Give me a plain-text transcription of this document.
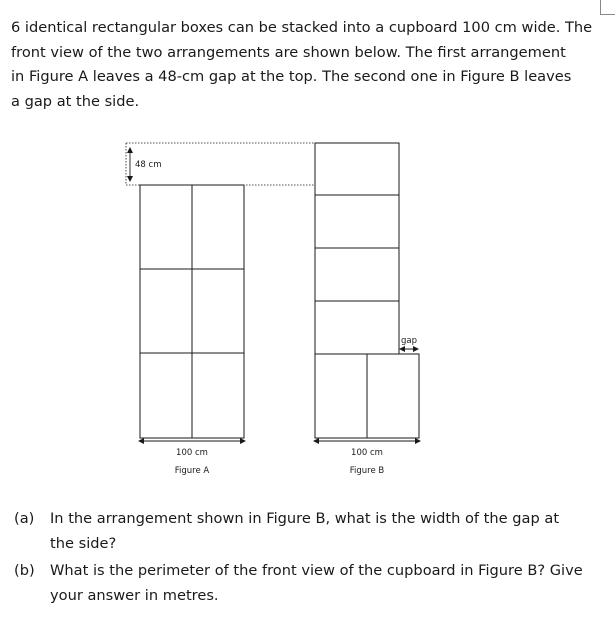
6 identical rectangular boxes can be stacked into a cupboard 100 cm wide. The
front view of the two arrangements are shown below. The first arrangement
in Figure A leaves a 48-cm gap at the top. The second one in Figure B leaves
a gap at the side.
48 cm
100 cm
Figure A
gap
100 cm
Figure B
(a) In the arrangement shown in Figure B, what is the width of the gap at
the side?
(b) What is the perimeter of the front view of the cupboard in Figure B? Give
your answer in metres.
